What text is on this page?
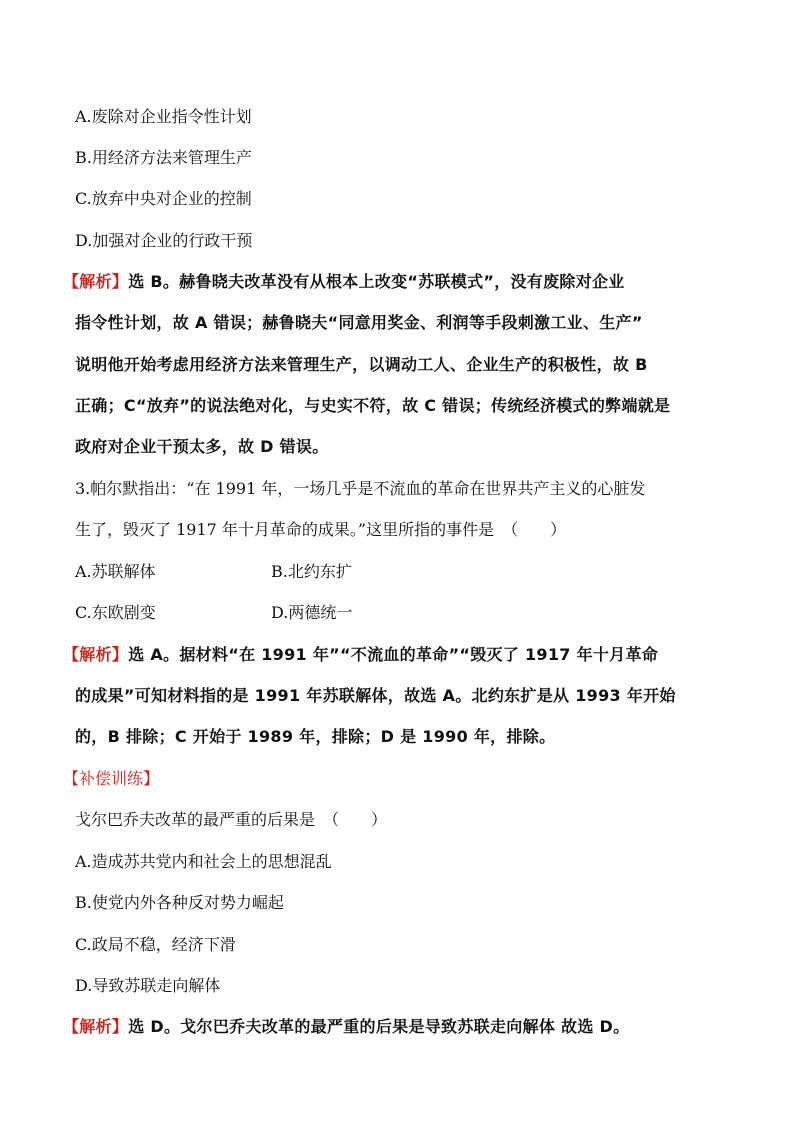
A.废除对企业指令性计划
B.用经济方法来管理生产
C.放弃中央对企业的控制
D.加强对企业的行政干预
【解析】选 B。赫鲁晓夫改革没有从根本上改变“苏联模式”，没有废除对企业
指令性计划，故 A 错误；赫鲁晓夫“同意用奖金、利润等手段刺激工业、生产”
说明他开始考虑用经济方法来管理生产，以调动工人、企业生产的积极性，故 B
正确；C“放弃”的说法绝对化，与史实不符，故 C 错误；传统经济模式的弊端就是
政府对企业干预太多，故 D 错误。
3.帕尔默指出：“在 1991 年，一场几乎是不流血的革命在世界共产主义的心脏发
生了，毁灭了 1917 年十月革命的成果。”这里所指的事件是　（　　）
A.苏联解体	B.北约东扩
C.东欧剧变	D.两德统一
【解析】选 A。据材料“在 1991 年”“不流血的革命”“毁灭了 1917 年十月革命
的成果”可知材料指的是 1991 年苏联解体，故选 A。北约东扩是从 1993 年开始
的，B 排除；C 开始于 1989 年，排除；D 是 1990 年，排除。
【补偿训练】
戈尔巴乔夫改革的最严重的后果是　（　　）
A.造成苏共党内和社会上的思想混乱
B.使党内外各种反对势力崛起
C.政局不稳，经济下滑
D.导致苏联走向解体
【解析】选 D。戈尔巴乔夫改革的最严重的后果是导致苏联走向解体 故选 D。
